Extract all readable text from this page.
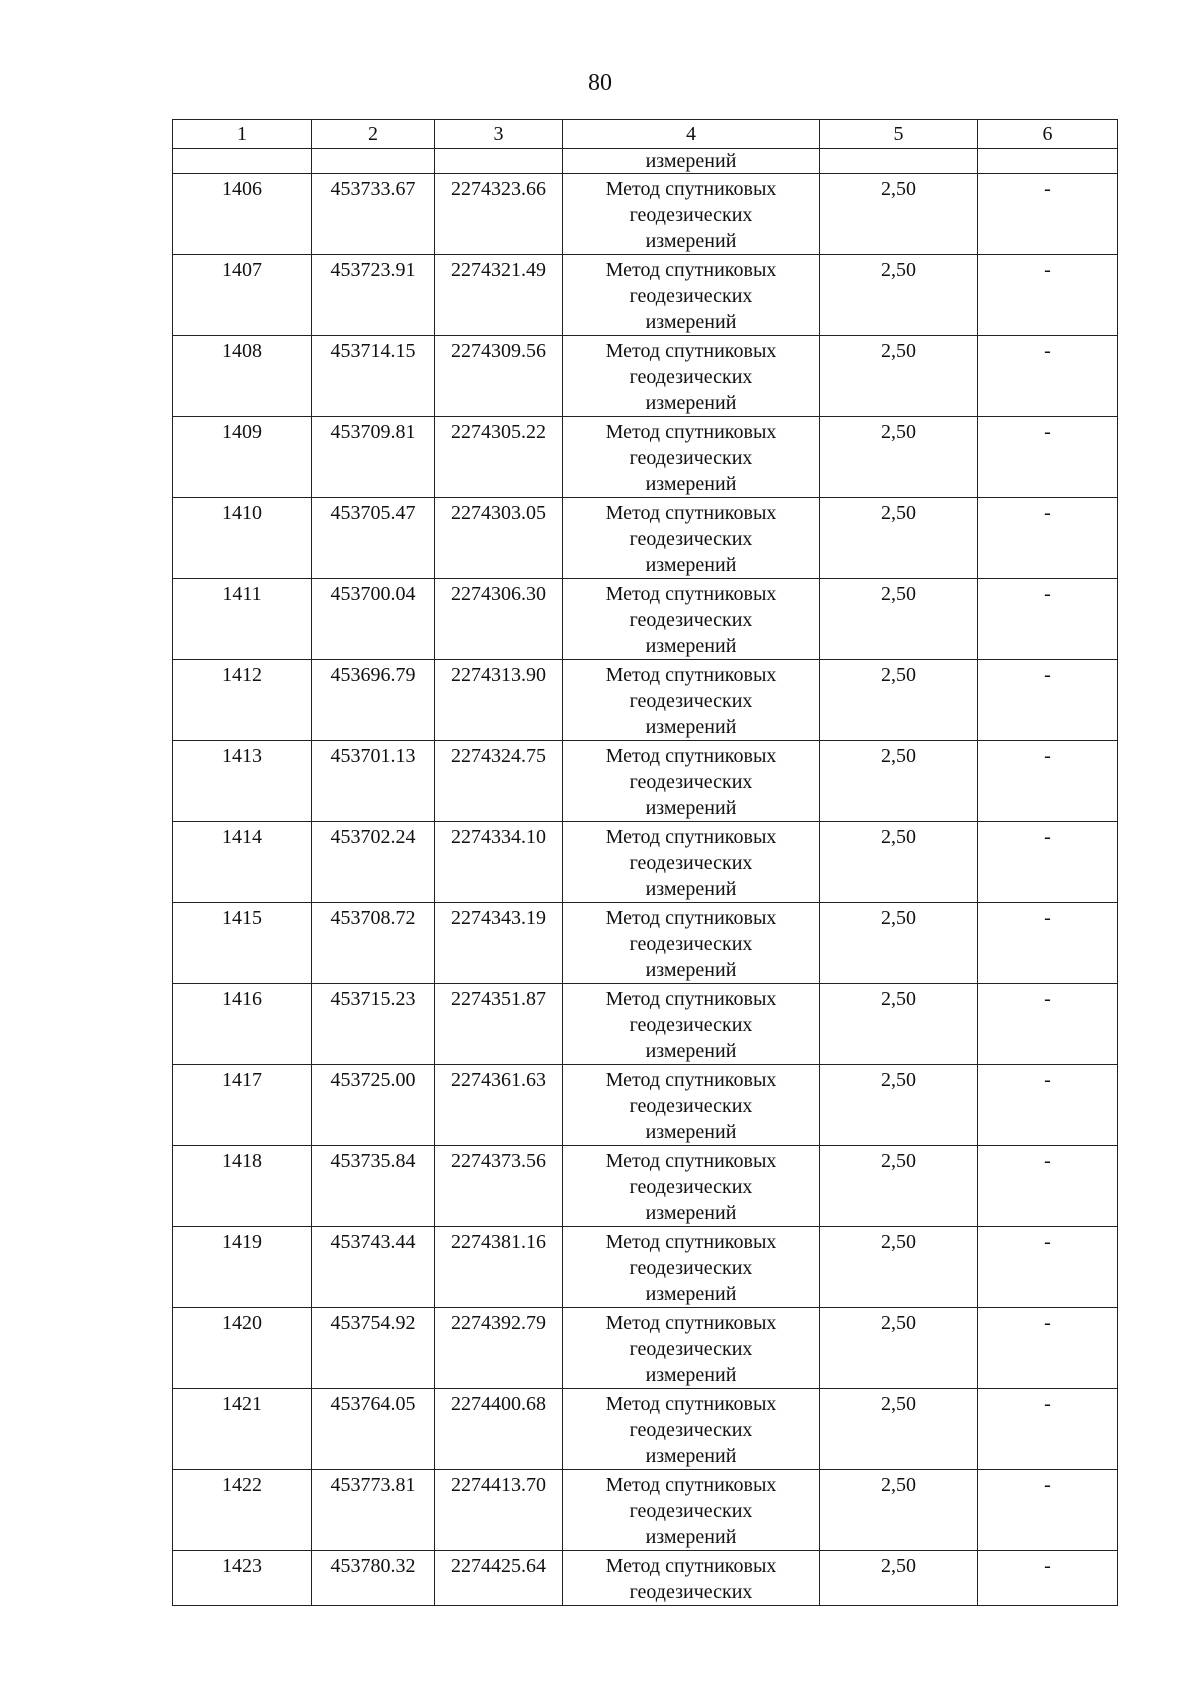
80
1	2	3	4	5	6

			измерений		

1406	453733.67	2274323.66	Метод спутниковых
геодезических
измерений	2,50	-
1407	453723.91	2274321.49	Метод спутниковых
геодезических
измерений	2,50	-
1408	453714.15	2274309.56	Метод спутниковых
геодезических
измерений	2,50	-
1409	453709.81	2274305.22	Метод спутниковых
геодезических
измерений	2,50	-
1410	453705.47	2274303.05	Метод спутниковых
геодезических
измерений	2,50	-
1411	453700.04	2274306.30	Метод спутниковых
геодезических
измерений	2,50	-
1412	453696.79	2274313.90	Метод спутниковых
геодезических
измерений	2,50	-
1413	453701.13	2274324.75	Метод спутниковых
геодезических
измерений	2,50	-
1414	453702.24	2274334.10	Метод спутниковых
геодезических
измерений	2,50	-
1415	453708.72	2274343.19	Метод спутниковых
геодезических
измерений	2,50	-
1416	453715.23	2274351.87	Метод спутниковых
геодезических
измерений	2,50	-
1417	453725.00	2274361.63	Метод спутниковых
геодезических
измерений	2,50	-
1418	453735.84	2274373.56	Метод спутниковых
геодезических
измерений	2,50	-
1419	453743.44	2274381.16	Метод спутниковых
геодезических
измерений	2,50	-
1420	453754.92	2274392.79	Метод спутниковых
геодезических
измерений	2,50	-
1421	453764.05	2274400.68	Метод спутниковых
геодезических
измерений	2,50	-
1422	453773.81	2274413.70	Метод спутниковых
геодезических
измерений	2,50	-
1423	453780.32	2274425.64	Метод спутниковых
геодезических	2,50	-
